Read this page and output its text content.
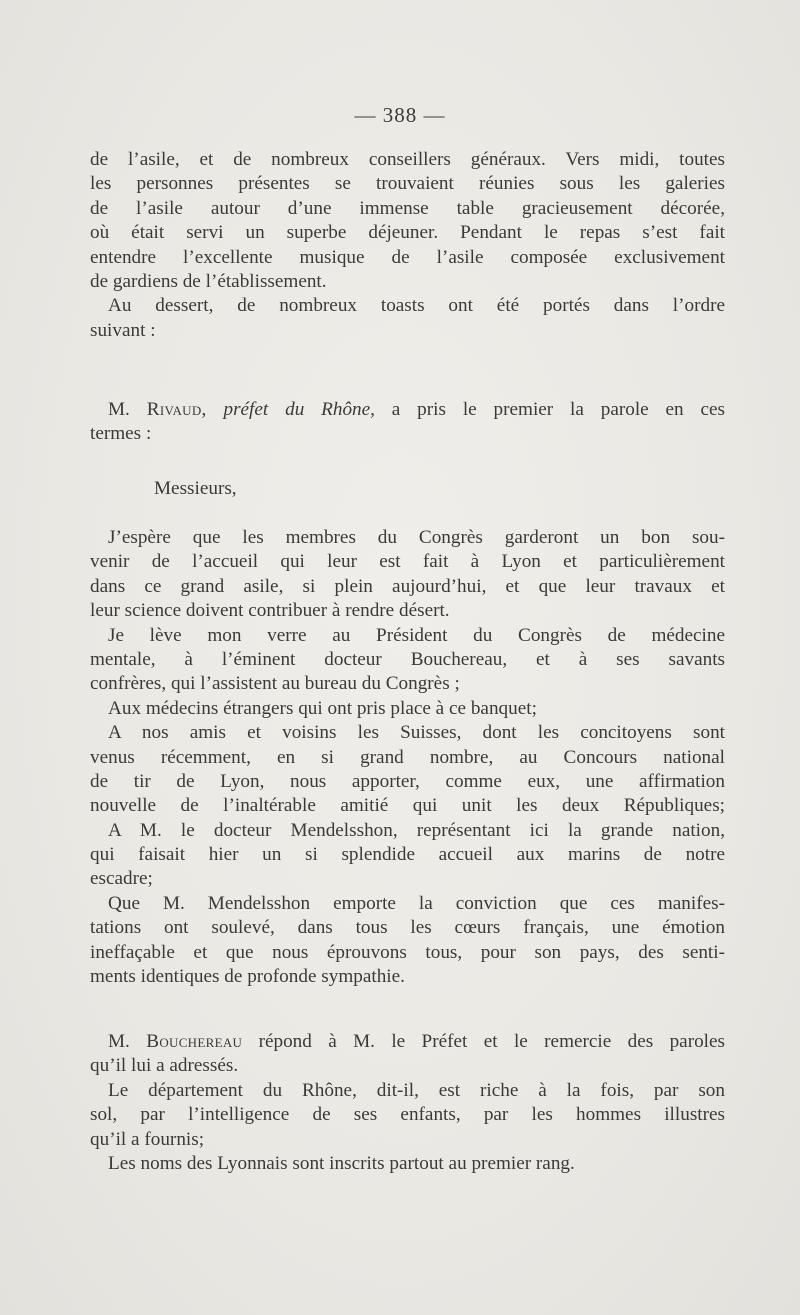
— 388 —
de l’asile, et de nombreux conseillers généraux. Vers midi, toutes
les personnes présentes se trouvaient réunies sous les galeries
de l’asile autour d’une immense table gracieusement décorée,
où était servi un superbe déjeuner. Pendant le repas s’est fait
entendre l’excellente musique de l’asile composée exclusivement
de gardiens de l’établissement.
Au dessert, de nombreux toasts ont été portés dans l’ordre
suivant :
M. Rivaud, préfet du Rhône, a pris le premier la parole en ces
termes :
Messieurs,
J’espère que les membres du Congrès garderont un bon sou-
venir de l’accueil qui leur est fait à Lyon et particulièrement
dans ce grand asile, si plein aujourd’hui, et que leur travaux et
leur science doivent contribuer à rendre désert.
Je lève mon verre au Président du Congrès de médecine
mentale, à l’éminent docteur Bouchereau, et à ses savants
confrères, qui l’assistent au bureau du Congrès ;
Aux médecins étrangers qui ont pris place à ce banquet;
A nos amis et voisins les Suisses, dont les concitoyens sont
venus récemment, en si grand nombre, au Concours national
de tir de Lyon, nous apporter, comme eux, une affirmation
nouvelle de l’inaltérable amitié qui unit les deux Républiques;
A M. le docteur Mendelsshon, représentant ici la grande nation,
qui faisait hier un si splendide accueil aux marins de notre
escadre;
Que M. Mendelsshon emporte la conviction que ces manifes-
tations ont soulevé, dans tous les cœurs français, une émotion
ineffaçable et que nous éprouvons tous, pour son pays, des senti-
ments identiques de profonde sympathie.
M. Bouchereau répond à M. le Préfet et le remercie des paroles
qu’il lui a adressés.
Le département du Rhône, dit-il, est riche à la fois, par son
sol, par l’intelligence de ses enfants, par les hommes illustres
qu’il a fournis;
Les noms des Lyonnais sont inscrits partout au premier rang.
